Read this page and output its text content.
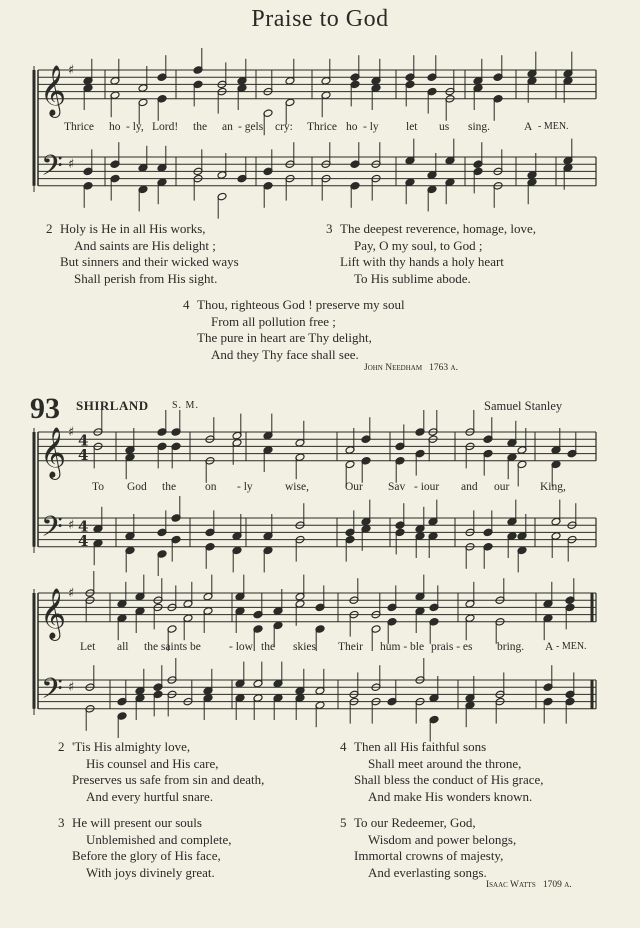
Praise to God
𝄞
𝄢
♯
♯
𝄞
𝄢
♯
♯
4
4
4
4
𝄞
𝄢
♯
♯
Thrice ho - ly, Lord! the an - gels cry: Thrice ho - ly let us sing.	A - MEN.
2 Holy is He in all His works,
And saints are His delight ;
But sinners and their wicked ways
Shall perish from His sight.
3 The deepest reverence, homage, love,
Pay, O my soul, to God ;
Lift with thy hands a holy heart
To His sublime abode.
4 Thou, righteous God ! preserve my soul
From all pollution free ;
The pure in heart are Thy delight,
And they Thy face shall see.
John Needham 1763 a.
93 SHIRLAND S. M.	Samuel Stanley
To God the	on - ly	wise,	Our Sav - iour and our	King,
Let all the saints be - low the skies Their hum - ble prais - es bring. A - MEN.
2 'Tis His almighty love,
His counsel and His care,
Preserves us safe from sin and death,
And every hurtful snare.
3 He will present our souls
Unblemished and complete,
Before the glory of His face,
With joys divinely great.
4 Then all His faithful sons
Shall meet around the throne,
Shall bless the conduct of His grace,
And make His wonders known.
5 To our Redeemer, God,
Wisdom and power belongs,
Immortal crowns of majesty,
And everlasting songs.
Isaac Watts 1709 a.
